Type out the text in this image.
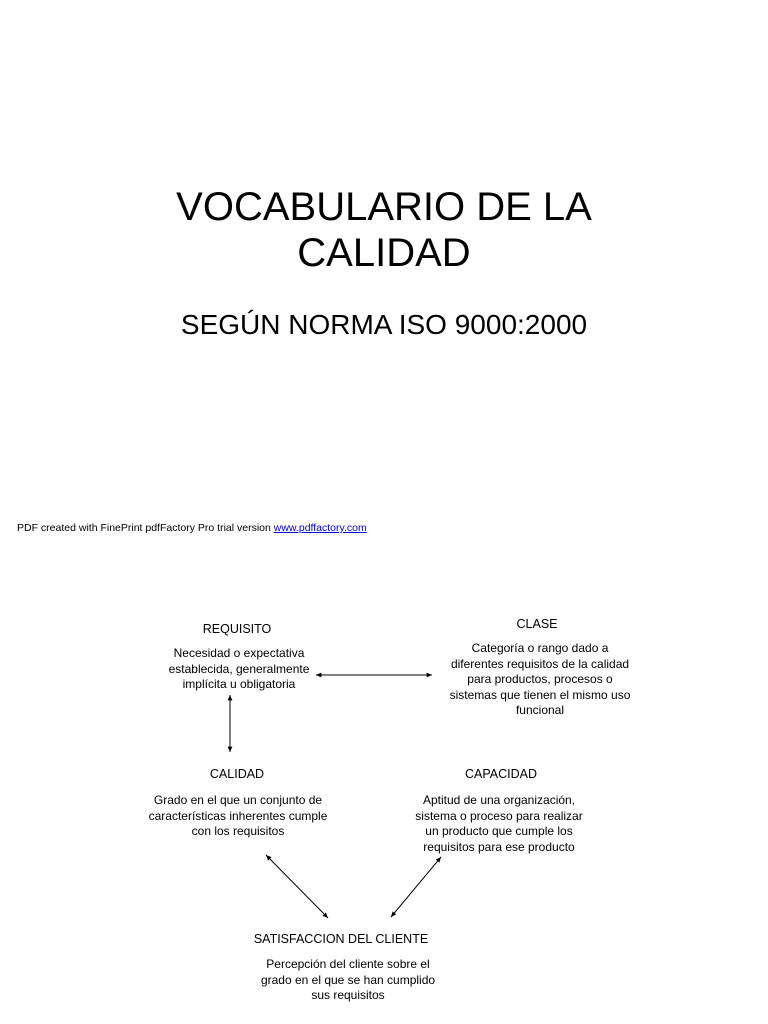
VOCABULARIO DE LA
CALIDAD
SEGÚN NORMA ISO 9000:2000
PDF created with FinePrint pdfFactory Pro trial version www.pdffactory.com
REQUISITO
Necesidad o expectativa
establecida, generalmente
implícita u obligatoria
CLASE
Categoría o rango dado a
diferentes requisitos de la calidad
para productos, procesos o
sistemas que tienen el mismo uso
funcional
CALIDAD
Grado en el que un conjunto de
características inherentes cumple
con los requisitos
CAPACIDAD
Aptitud de una organización,
sistema o proceso para realizar
un producto que cumple los
requisitos para ese producto
SATISFACCION DEL CLIENTE
Percepción del cliente sobre el
grado en el que se han cumplido
sus requisitos
